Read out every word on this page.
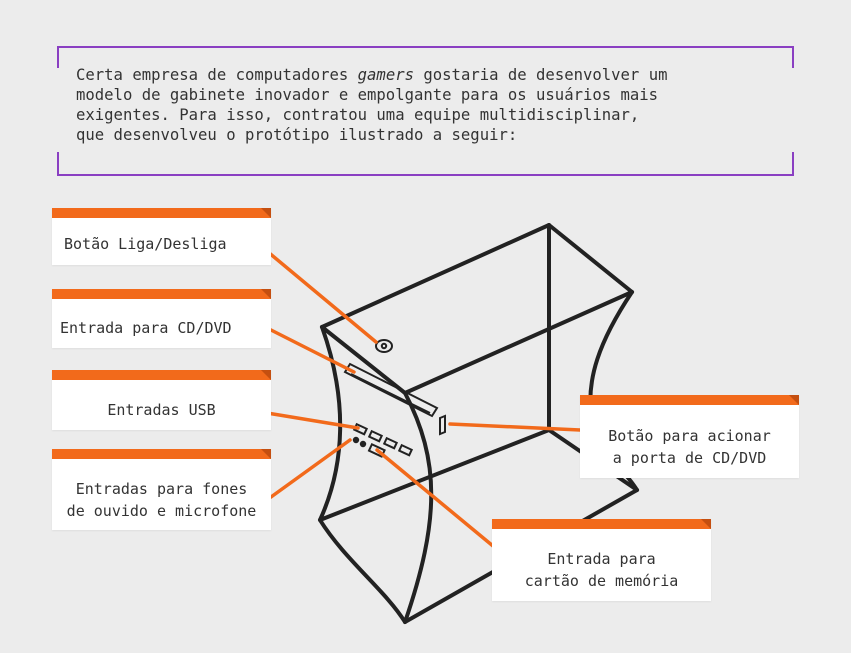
Certa empresa de computadores gamers gostaria de desenvolver um
modelo de gabinete inovador e empolgante para os usuários mais
exigentes. Para isso, contratou uma equipe multidisciplinar,
que desenvolveu o protótipo ilustrado a seguir:
Botão Liga/Desliga
Entrada para CD/DVD
Entradas USB
Entradas para fones
de ouvido e microfone
Botão para acionar
a porta de CD/DVD
Entrada para
cartão de memória
